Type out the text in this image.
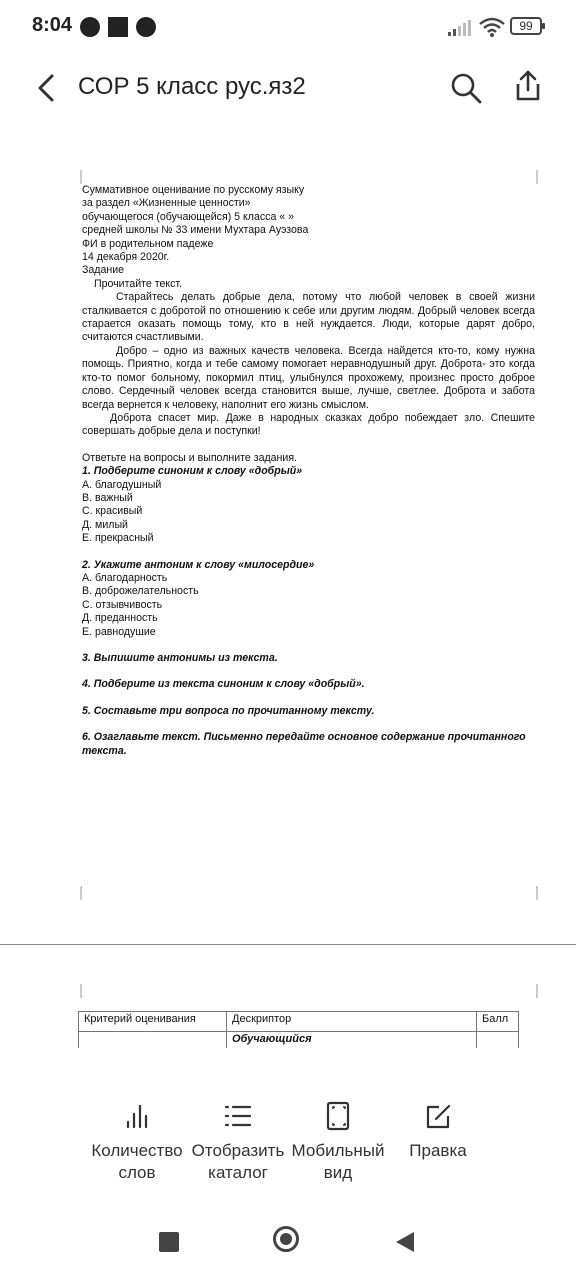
8:04	99
СОР 5 класс рус.яз2

Суммативное оценивание по русскому языку

за раздел «Жизненные ценности»

обучающегося (обучающейся) 5 класса « »

средней школы № 33 имени Мухтара Ауэзова

ФИ в родительном падеже

14 декабря 2020г.

Задание

Прочитайте текст.

Старайтесь делать добрые дела, потому что любой человек в своей жизни сталкивается с добротой по отношению к себе или другим людям. Добрый человек всегда старается оказать помощь тому, кто в ней нуждается. Люди, которые дарят добро, считаются счастливыми.

Добро – одно из важных качеств человека. Всегда найдется кто-то, кому нужна помощь. Приятно, когда и тебе самому помогает неравнодушный друг. Доброта- это когда кто-то помог больному, покормил птиц, улыбнулся прохожему, произнес просто доброе слово. Сердечный человек всегда становится выше, лучше, светлее. Доброта и забота всегда вернется к человеку, наполнит его жизнь смыслом.

Доброта спасет мир. Даже в народных сказках добро побеждает зло. Спешите совершать добрые дела и поступки!

Ответьте на вопросы и выполните задания.

1. Подберите синоним к слову «добрый»

А. благодушный

В. важный

С. красивый

Д. милый

Е. прекрасный

2. Укажите антоним к слову «милосердие»

А. благодарность

В. доброжелательность

С. отзывчивость

Д. преданность

Е. равнодушие

3. Выпишите антонимы из текста.

4. Подберите из текста синоним к слову «добрый».

5. Составьте три вопроса по прочитанному тексту.

6. Озаглавьте текст. Письменно передайте основное содержание прочитанного текста.

Критерий оценивания	Дескриптор	Балл
	Обучающийся	

Количество
слов
Отобразить
каталог
Мобильный
вид
Правка
